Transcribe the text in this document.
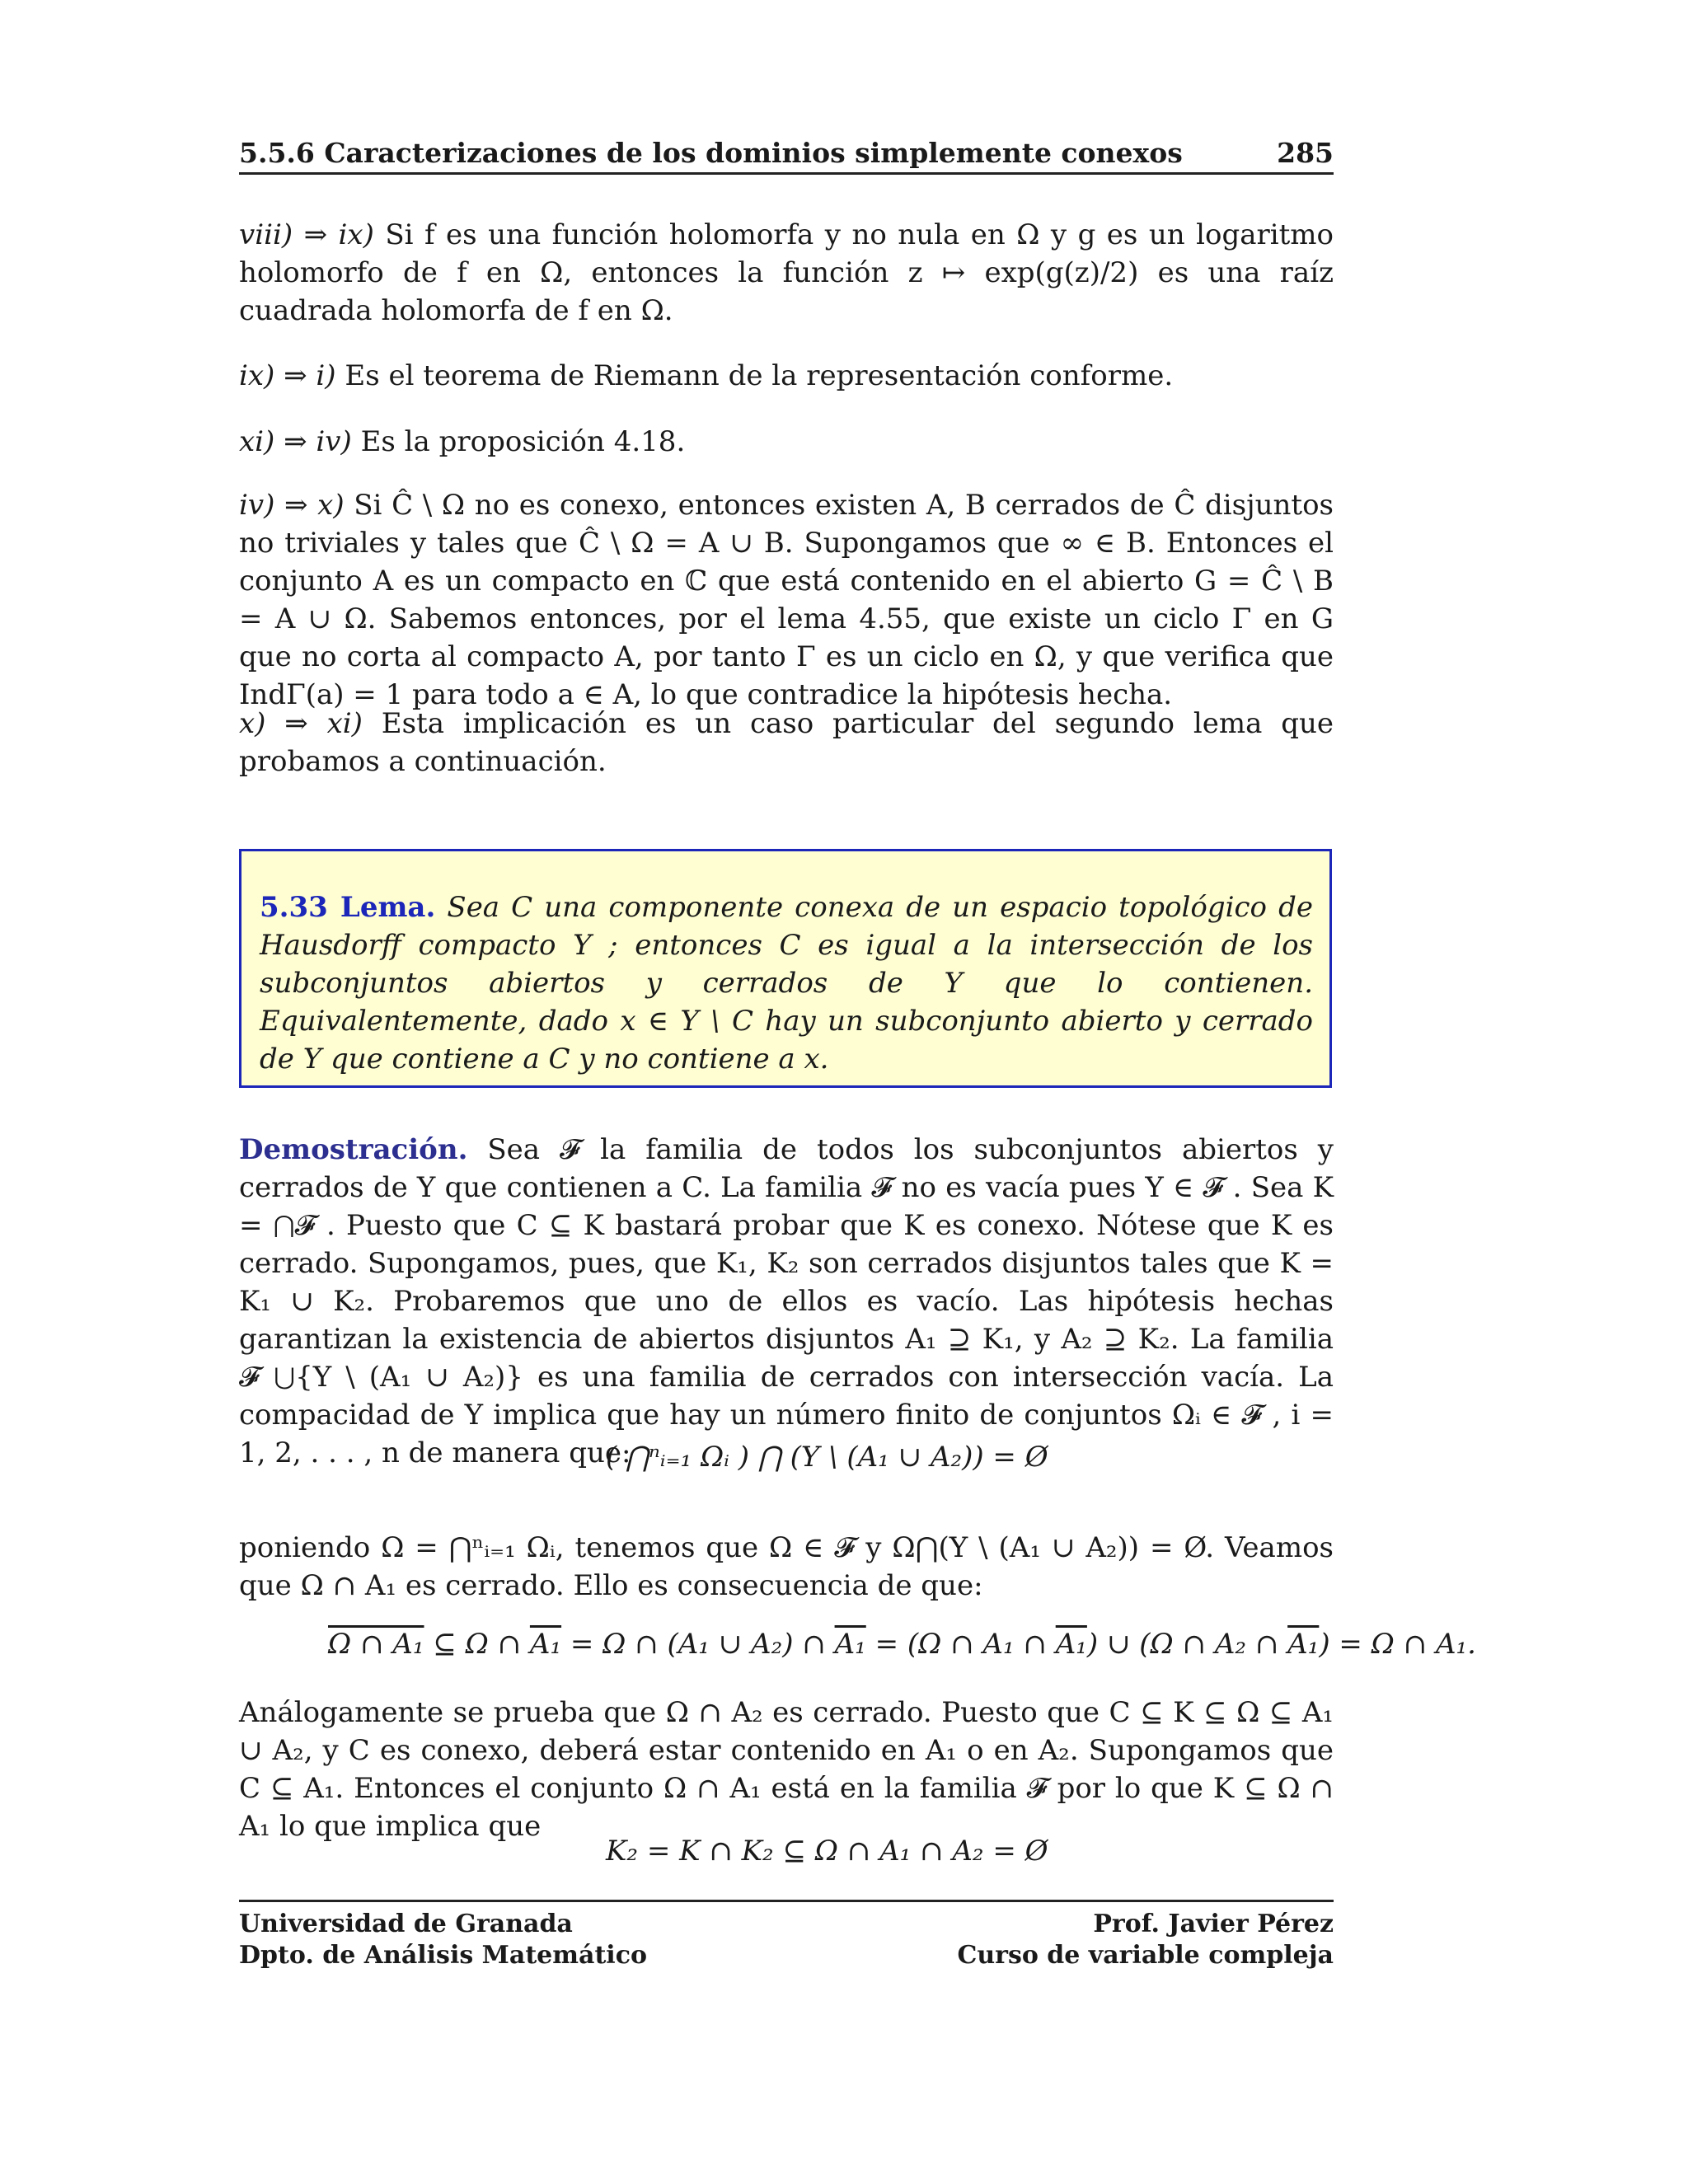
5.5.6 Caracterizaciones de los dominios simplemente conexos	285

viii) ⇒ ix) Si f es una función holomorfa y no nula en Ω y g es un logaritmo holomorfo de f en Ω, entonces la función z ↦ exp(g(z)/2) es una raíz cuadrada holomorfa de f en Ω.

ix) ⇒ i) Es el teorema de Riemann de la representación conforme.

xi) ⇒ iv) Es la proposición 4.18.

iv) ⇒ x) Si Ĉ \ Ω no es conexo, entonces existen A, B cerrados de Ĉ disjuntos no triviales y tales que Ĉ \ Ω = A ∪ B. Supongamos que ∞ ∈ B. Entonces el conjunto A es un compacto en ℂ que está contenido en el abierto G = Ĉ \ B = A ∪ Ω. Sabemos entonces, por el lema 4.55, que existe un ciclo Γ en G que no corta al compacto A, por tanto Γ es un ciclo en Ω, y que verifica que IndΓ(a) = 1 para todo a ∈ A, lo que contradice la hipótesis hecha.

x) ⇒ xi) Esta implicación es un caso particular del segundo lema que probamos a continuación.

5.33 Lema. Sea C una componente conexa de un espacio topológico de Hausdorff compacto Y ; entonces C es igual a la intersección de los subconjuntos abiertos y cerrados de Y que lo contienen. Equivalentemente, dado x ∈ Y \ C hay un subconjunto abierto y cerrado de Y que contiene a C y no contiene a x.

Demostración. Sea 𝓕 la familia de todos los subconjuntos abiertos y cerrados de Y que contienen a C. La familia 𝓕 no es vacía pues Y ∈ 𝓕 . Sea K = ⋂𝓕 . Puesto que C ⊆ K bastará probar que K es conexo. Nótese que K es cerrado. Supongamos, pues, que K₁, K₂ son cerrados disjuntos tales que K = K₁ ∪ K₂. Probaremos que uno de ellos es vacío. Las hipótesis hechas garantizan la existencia de abiertos disjuntos A₁ ⊇ K₁, y A₂ ⊇ K₂. La familia 𝓕 ⋃{Y \ (A₁ ∪ A₂)} es una familia de cerrados con intersección vacía. La compacidad de Y implica que hay un número finito de conjuntos Ωᵢ ∈ 𝓕 , i = 1, 2, . . . , n de manera que:

( ⋂ⁿᵢ₌₁ Ωᵢ ) ⋂ (Y \ (A₁ ∪ A₂)) = Ø

poniendo Ω = ⋂ⁿᵢ₌₁ Ωᵢ, tenemos que Ω ∈ 𝓕 y Ω⋂(Y \ (A₁ ∪ A₂)) = Ø. Veamos que Ω ∩ A₁ es cerrado. Ello es consecuencia de que:

Ω ∩ A₁ ⊆ Ω ∩ A₁ = Ω ∩ (A₁ ∪ A₂) ∩ A₁ = (Ω ∩ A₁ ∩ A₁) ∪ (Ω ∩ A₂ ∩ A₁) = Ω ∩ A₁.

Análogamente se prueba que Ω ∩ A₂ es cerrado. Puesto que C ⊆ K ⊆ Ω ⊆ A₁ ∪ A₂, y C es conexo, deberá estar contenido en A₁ o en A₂. Supongamos que C ⊆ A₁. Entonces el conjunto Ω ∩ A₁ está en la familia 𝓕 por lo que K ⊆ Ω ∩ A₁ lo que implica que

K₂ = K ∩ K₂ ⊆ Ω ∩ A₁ ∩ A₂ = Ø
Universidad de Granada
Dpto. de Análisis Matemático
Prof. Javier Pérez
Curso de variable compleja
